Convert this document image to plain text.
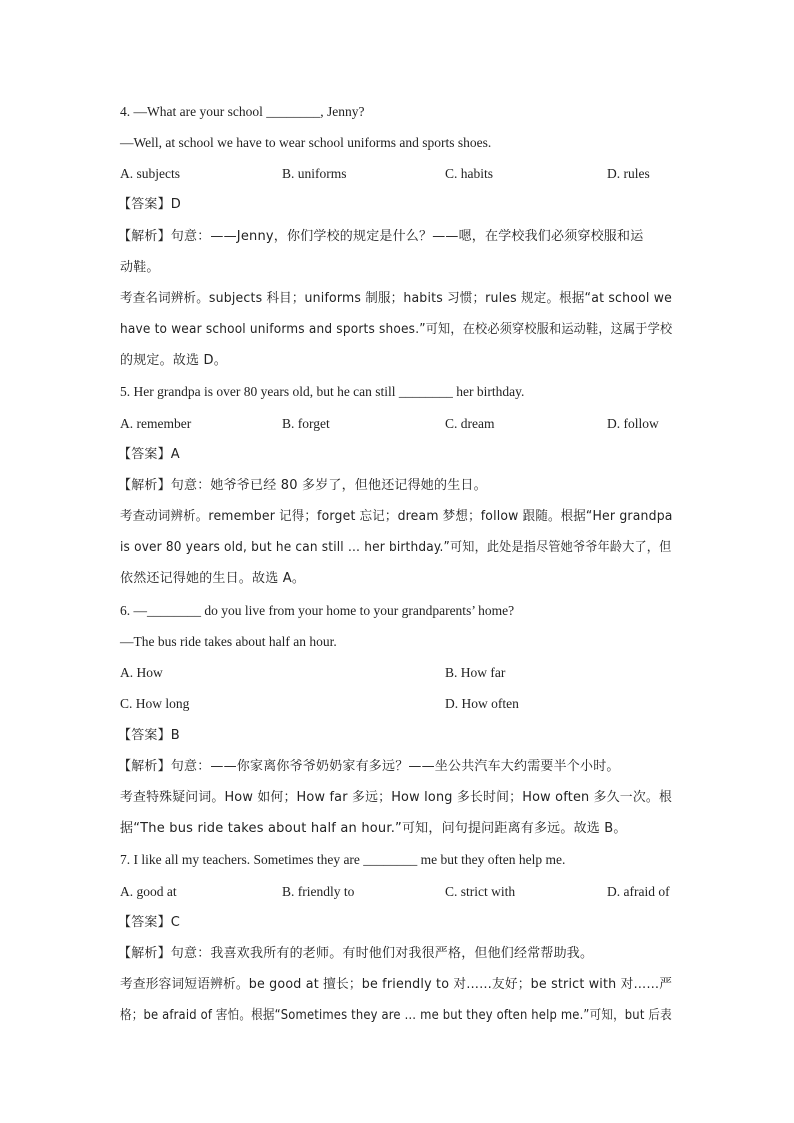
4. —What are your school ________, Jenny?
—Well, at school we have to wear school uniforms and sports shoes.
A. subjects	B. uniforms	C. habits	D. rules
【答案】D
【解析】句意：——Jenny，你们学校的规定是什么？——嗯，在学校我们必须穿校服和运
动鞋。
考查名词辨析。subjects 科目；uniforms 制服；habits 习惯；rules 规定。根据“at school we
have to wear school uniforms and sports shoes.”可知，在校必须穿校服和运动鞋，这属于学校
的规定。故选 D。
5. Her grandpa is over 80 years old, but he can still ________ her birthday.
A. remember	B. forget	C. dream	D. follow
【答案】A
【解析】句意：她爷爷已经 80 多岁了，但他还记得她的生日。
考查动词辨析。remember 记得；forget 忘记；dream 梦想；follow 跟随。根据“Her grandpa
is over 80 years old, but he can still … her birthday.”可知，此处是指尽管她爷爷年龄大了，但
依然还记得她的生日。故选 A。
6. —________ do you live from your home to your grandparents’ home?
—The bus ride takes about half an hour.
A. How	B. How far
C. How long	D. How often
【答案】B
【解析】句意：——你家离你爷爷奶奶家有多远？——坐公共汽车大约需要半个小时。
考查特殊疑问词。How 如何；How far 多远；How long 多长时间；How often 多久一次。根
据“The bus ride takes about half an hour.”可知，问句提问距离有多远。故选 B。
7. I like all my teachers. Sometimes they are ________ me but they often help me.
A. good at	B. friendly to	C. strict with	D. afraid of
【答案】C
【解析】句意：我喜欢我所有的老师。有时他们对我很严格，但他们经常帮助我。
考查形容词短语辨析。be good at 擅长；be friendly to 对……友好；be strict with 对……严
格；be afraid of 害怕。根据“Sometimes they are … me but they often help me.”可知，but 后表
